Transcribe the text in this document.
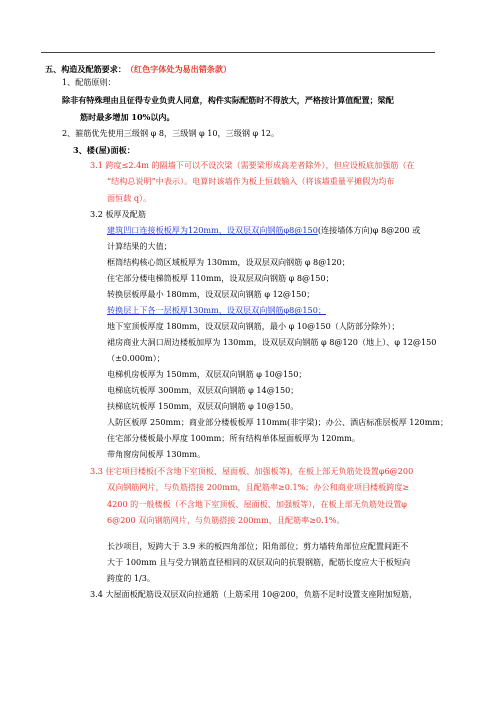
五、构造及配筋要求： （红色字体处为易出错条款）
1、配筋原则：
除非有特殊理由且征得专业负责人同意，构件实际配筋时不得放大，严格按计算值配置；梁配
筋时最多增加 10%以内。
2、箍筋优先使用三级钢 φ 8，三级钢 φ 10，三级钢 φ 12。
3、楼(屋)面板：
3.1 跨度≤2.4m 的隔墙下可以不设次梁（需要梁形成高差者除外），但应设板底加强筋（在
“结构总说明”中表示）。电算时该墙作为板上恒载输入（将该墙重量平摊假为均布
面恒载 q）。
3.2 板厚及配筋
建筑凹口连接板板厚为120mm，设双层双向钢筋φ8@150(连接墙体方向)φ 8@200 或
计算结果的大值；
框筒结构核心筒区域板厚为 130mm，设双层双向钢筋 φ 8@120；
住宅部分楼电梯筒板厚 110mm，设双层双向钢筋 φ 8@150；
转换层板厚最小 180mm，设双层双向钢筋 φ 12@150；
转换层上下各一层板厚130mm，设双层双向钢筋φ8@150；
地下室顶板厚度 180mm，设双层双向钢筋，最小 φ 10@150（人防部分除外）；
裙房商业大洞口周边楼板加厚为 130mm，设双层双向钢筋 φ 8@120（地上）、φ 12@150
（±0.000m）；
电梯机房板厚为 150mm，双层双向钢筋 φ 10@150；
电梯底坑板厚 300mm，双层双向钢筋 φ 14@150；
扶梯底坑板厚 150mm，双层双向钢筋 φ 10@150。
人防区板厚 250mm；商业部分楼板板厚 110mm(非字梁)；办公、酒店标准层板厚 120mm；
住宅部分楼板最小厚度 100mm；所有结构单体屋面板厚为 120mm。
带角窗房间板厚 130mm。
3.3 住宅项目楼板(不含地下室顶板、屋面板、加强板等)，在板上部无负筋处设置φ6@200
双向钢筋网片，与负筋搭接 200mm，且配筋率≥0.1%；办公和商业项目楼板跨度≥
4200 的一般楼板（不含地下室顶板、屋面板、加强板等），在板上部无负筋处设置φ
6@200 双向钢筋网片，与负筋搭接 200mm，且配筋率≥0.1%。
长沙项目，短跨大于 3.9 米的板四角部位；阳角部位；剪力墙转角部位应配置间距不
大于 100mm 且与受力钢筋直径相同的双层双向的抗裂钢筋，配筋长度应大于板短向
跨度的 1/3。
3.4 大屋面板配筋设双层双向拉通筋（上筋采用 10@200，负筋不足时设置支座附加短筋，
